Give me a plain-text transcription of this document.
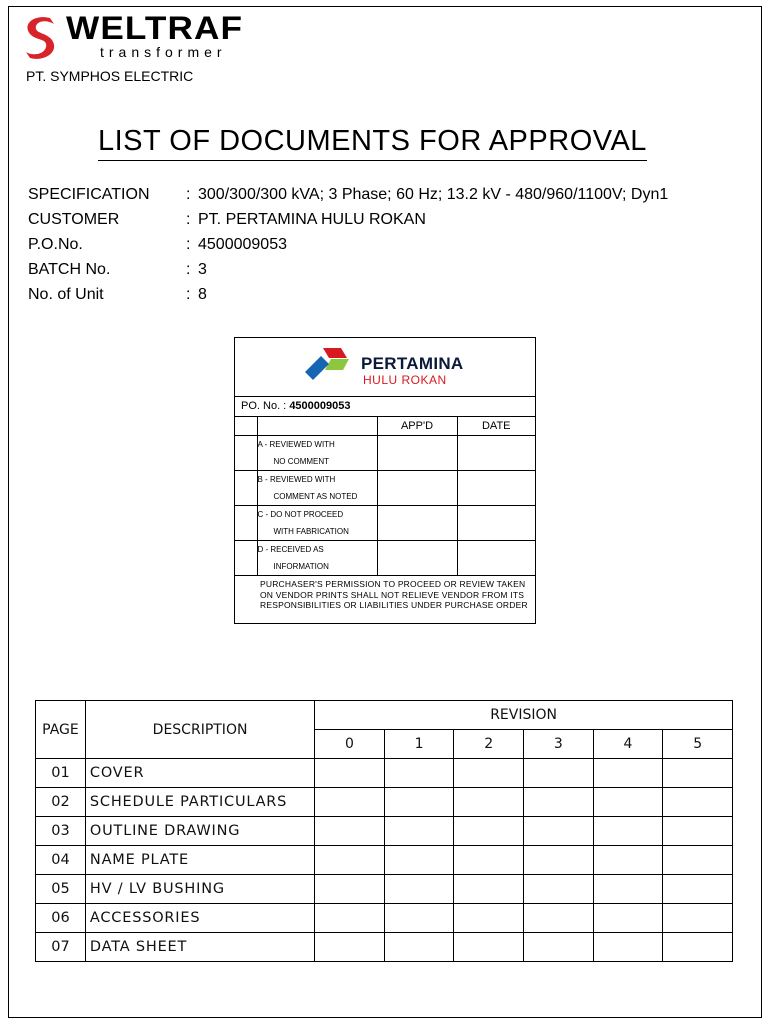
WELTRAF
transformer
PT. SYMPHOS ELECTRIC
LIST OF DOCUMENTS FOR APPROVAL
SPECIFICATION	: 300/300/300 kVA; 3 Phase; 60 Hz; 13.2 kV - 480/960/1100V; Dyn1
CUSTOMER	: PT. PERTAMINA HULU ROKAN
P.O.No.	: 4500009053
BATCH No.	: 3
No. of Unit	: 8
PERTAMINA
HULU ROKAN
PO. No. : 4500009053
		APP'D	DATE

	A - REVIEWED WITH
NO COMMENT		

	B - REVIEWED WITH
COMMENT AS NOTED		

	C - DO NOT PROCEED
WITH FABRICATION		

	D - RECEIVED AS
INFORMATION		

PURCHASER'S PERMISSION TO PROCEED OR REVIEW TAKEN ON VENDOR PRINTS SHALL NOT RELIEVE VENDOR FROM ITS RESPONSIBILITIES OR LIABILITIES UNDER PURCHASE ORDER
PAGE	DESCRIPTION	REVISION					
		0	1	2	3	4	5
01	COVER						
02	SCHEDULE PARTICULARS						
03	OUTLINE DRAWING						
04	NAME PLATE						
05	HV / LV BUSHING						
06	ACCESSORIES						
07	DATA SHEET						
